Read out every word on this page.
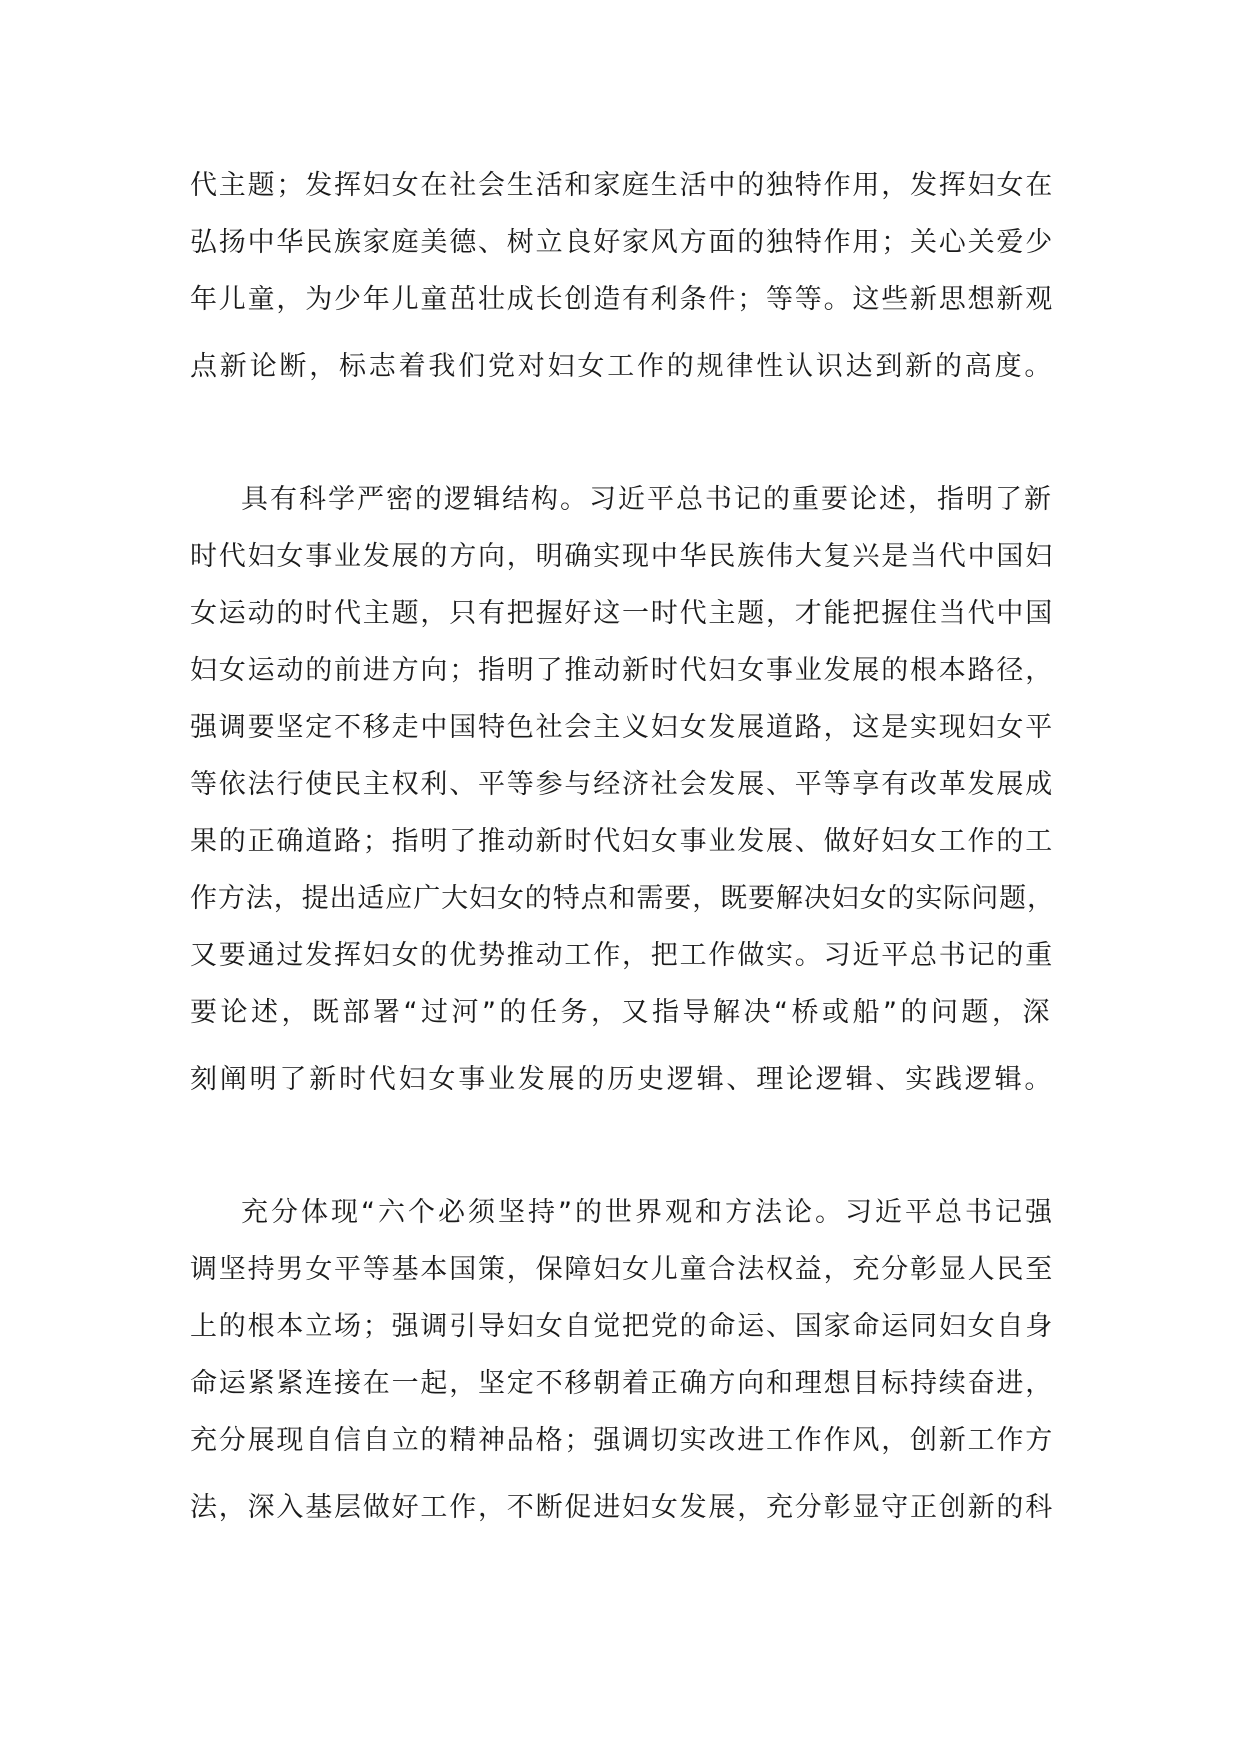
代主题；发挥妇女在社会生活和家庭生活中的独特作用，发挥妇女在
弘扬中华民族家庭美德、树立良好家风方面的独特作用；关心关爱少
年儿童，为少年儿童茁壮成长创造有利条件；等等。这些新思想新观
点新论断，标志着我们党对妇女工作的规律性认识达到新的高度。
具有科学严密的逻辑结构。习近平总书记的重要论述，指明了新
时代妇女事业发展的方向，明确实现中华民族伟大复兴是当代中国妇
女运动的时代主题，只有把握好这一时代主题，才能把握住当代中国
妇女运动的前进方向；指明了推动新时代妇女事业发展的根本路径，
强调要坚定不移走中国特色社会主义妇女发展道路，这是实现妇女平
等依法行使民主权利、平等参与经济社会发展、平等享有改革发展成
果的正确道路；指明了推动新时代妇女事业发展、做好妇女工作的工
作方法，提出适应广大妇女的特点和需要，既要解决妇女的实际问题，
又要通过发挥妇女的优势推动工作，把工作做实。习近平总书记的重
要论述，既部署“过河”的任务，又指导解决“桥或船”的问题，深
刻阐明了新时代妇女事业发展的历史逻辑、理论逻辑、实践逻辑。
充分体现“六个必须坚持”的世界观和方法论。习近平总书记强
调坚持男女平等基本国策，保障妇女儿童合法权益，充分彰显人民至
上的根本立场；强调引导妇女自觉把党的命运、国家命运同妇女自身
命运紧紧连接在一起，坚定不移朝着正确方向和理想目标持续奋进，
充分展现自信自立的精神品格；强调切实改进工作作风，创新工作方
法，深入基层做好工作，不断促进妇女发展，充分彰显守正创新的科
